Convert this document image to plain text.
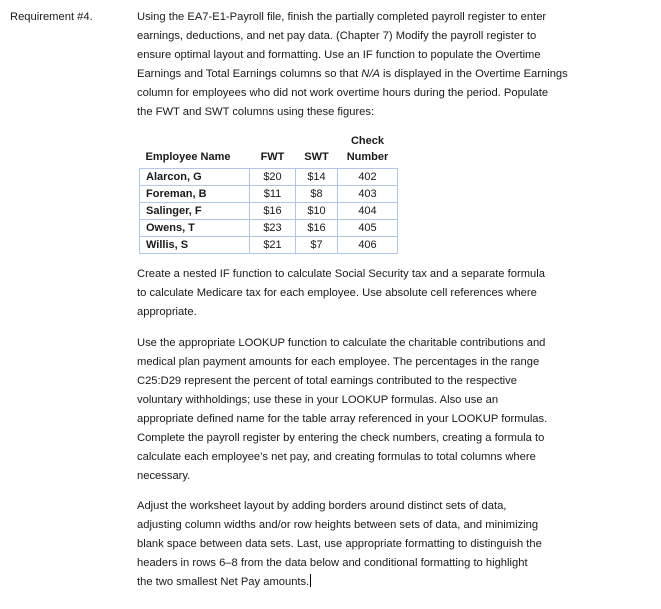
Requirement #4.	Using the EA7-E1-Payroll file, finish the partially completed payroll register to enter
earnings, deductions, and net pay data. (Chapter 7) Modify the payroll register to
ensure optimal layout and formatting. Use an IF function to populate the Overtime
Earnings and Total Earnings columns so that N/A is displayed in the Overtime Earnings
column for employees who did not work overtime hours during the period. Populate
the FWT and SWT columns using these figures:

Employee Name	FWT	SWT	Check
Number
Alarcon, G	$20	$14	402
Foreman, B	$11	$8	403
Salinger, F	$16	$10	404
Owens, T	$23	$16	405
Willis, S	$21	$7	406

Create a nested IF function to calculate Social Security tax and a separate formula
to calculate Medicare tax for each employee. Use absolute cell references where
appropriate.

Use the appropriate LOOKUP function to calculate the charitable contributions and
medical plan payment amounts for each employee. The percentages in the range
C25:D29 represent the percent of total earnings contributed to the respective
voluntary withholdings; use these in your LOOKUP formulas. Also use an
appropriate defined name for the table array referenced in your LOOKUP formulas.
Complete the payroll register by entering the check numbers, creating a formula to
calculate each employee’s net pay, and creating formulas to total columns where
necessary.

Adjust the worksheet layout by adding borders around distinct sets of data,
adjusting column widths and/or row heights between sets of data, and minimizing
blank space between data sets. Last, use appropriate formatting to distinguish the
headers in rows 6–8 from the data below and conditional formatting to highlight
the two smallest Net Pay amounts.
